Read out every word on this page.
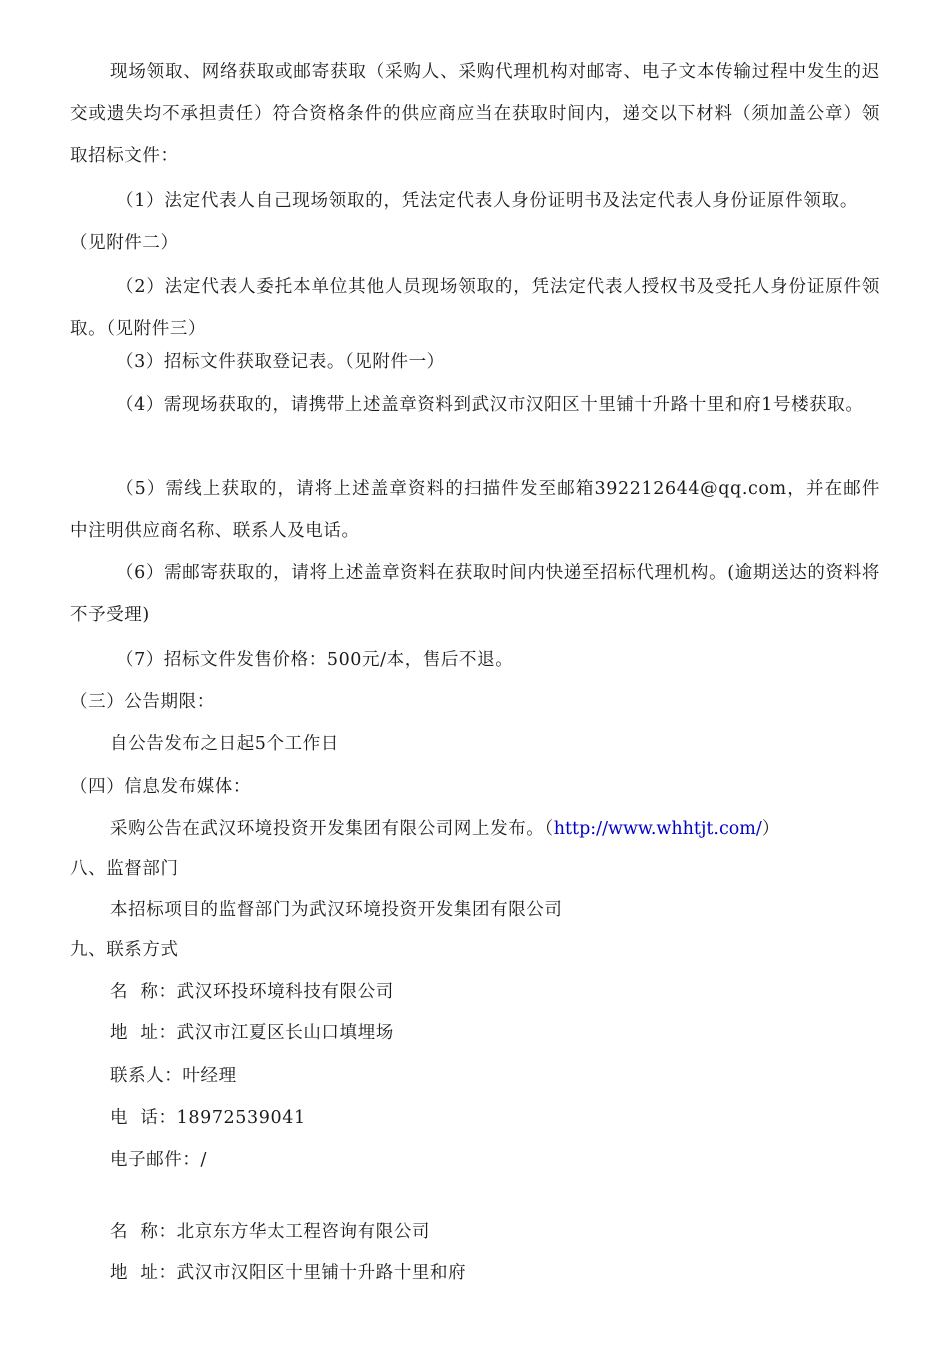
现场领取、网络获取或邮寄获取（采购人、采购代理机构对邮寄、电子文本传输过程中发生的迟交或遗失均不承担责任）符合资格条件的供应商应当在获取时间内，递交以下材料（须加盖公章）领取招标文件：
（1）法定代表人自己现场领取的，凭法定代表人身份证明书及法定代表人身份证原件领取。（见附件二）
（2）法定代表人委托本单位其他人员现场领取的，凭法定代表人授权书及受托人身份证原件领取。（见附件三）
（3）招标文件获取登记表。（见附件一）
（4）需现场获取的，请携带上述盖章资料到武汉市汉阳区十里铺十升路十里和府1号楼获取。
（5）需线上获取的，请将上述盖章资料的扫描件发至邮箱392212644@qq.com，并在邮件中注明供应商名称、联系人及电话。
（6）需邮寄获取的，请将上述盖章资料在获取时间内快递至招标代理机构。(逾期送达的资料将不予受理)
（7）招标文件发售价格：500元/本，售后不退。
（三）公告期限：
自公告发布之日起5个工作日
（四）信息发布媒体：
采购公告在武汉环境投资开发集团有限公司网上发布。（http://www.whhtjt.com/）
八、监督部门
本招标项目的监督部门为武汉环境投资开发集团有限公司
九、联系方式
名  称：武汉环投环境科技有限公司
地  址：武汉市江夏区长山口填埋场
联系人：叶经理
电  话：18972539041
电子邮件：/
名  称：北京东方华太工程咨询有限公司
地  址：武汉市汉阳区十里铺十升路十里和府
